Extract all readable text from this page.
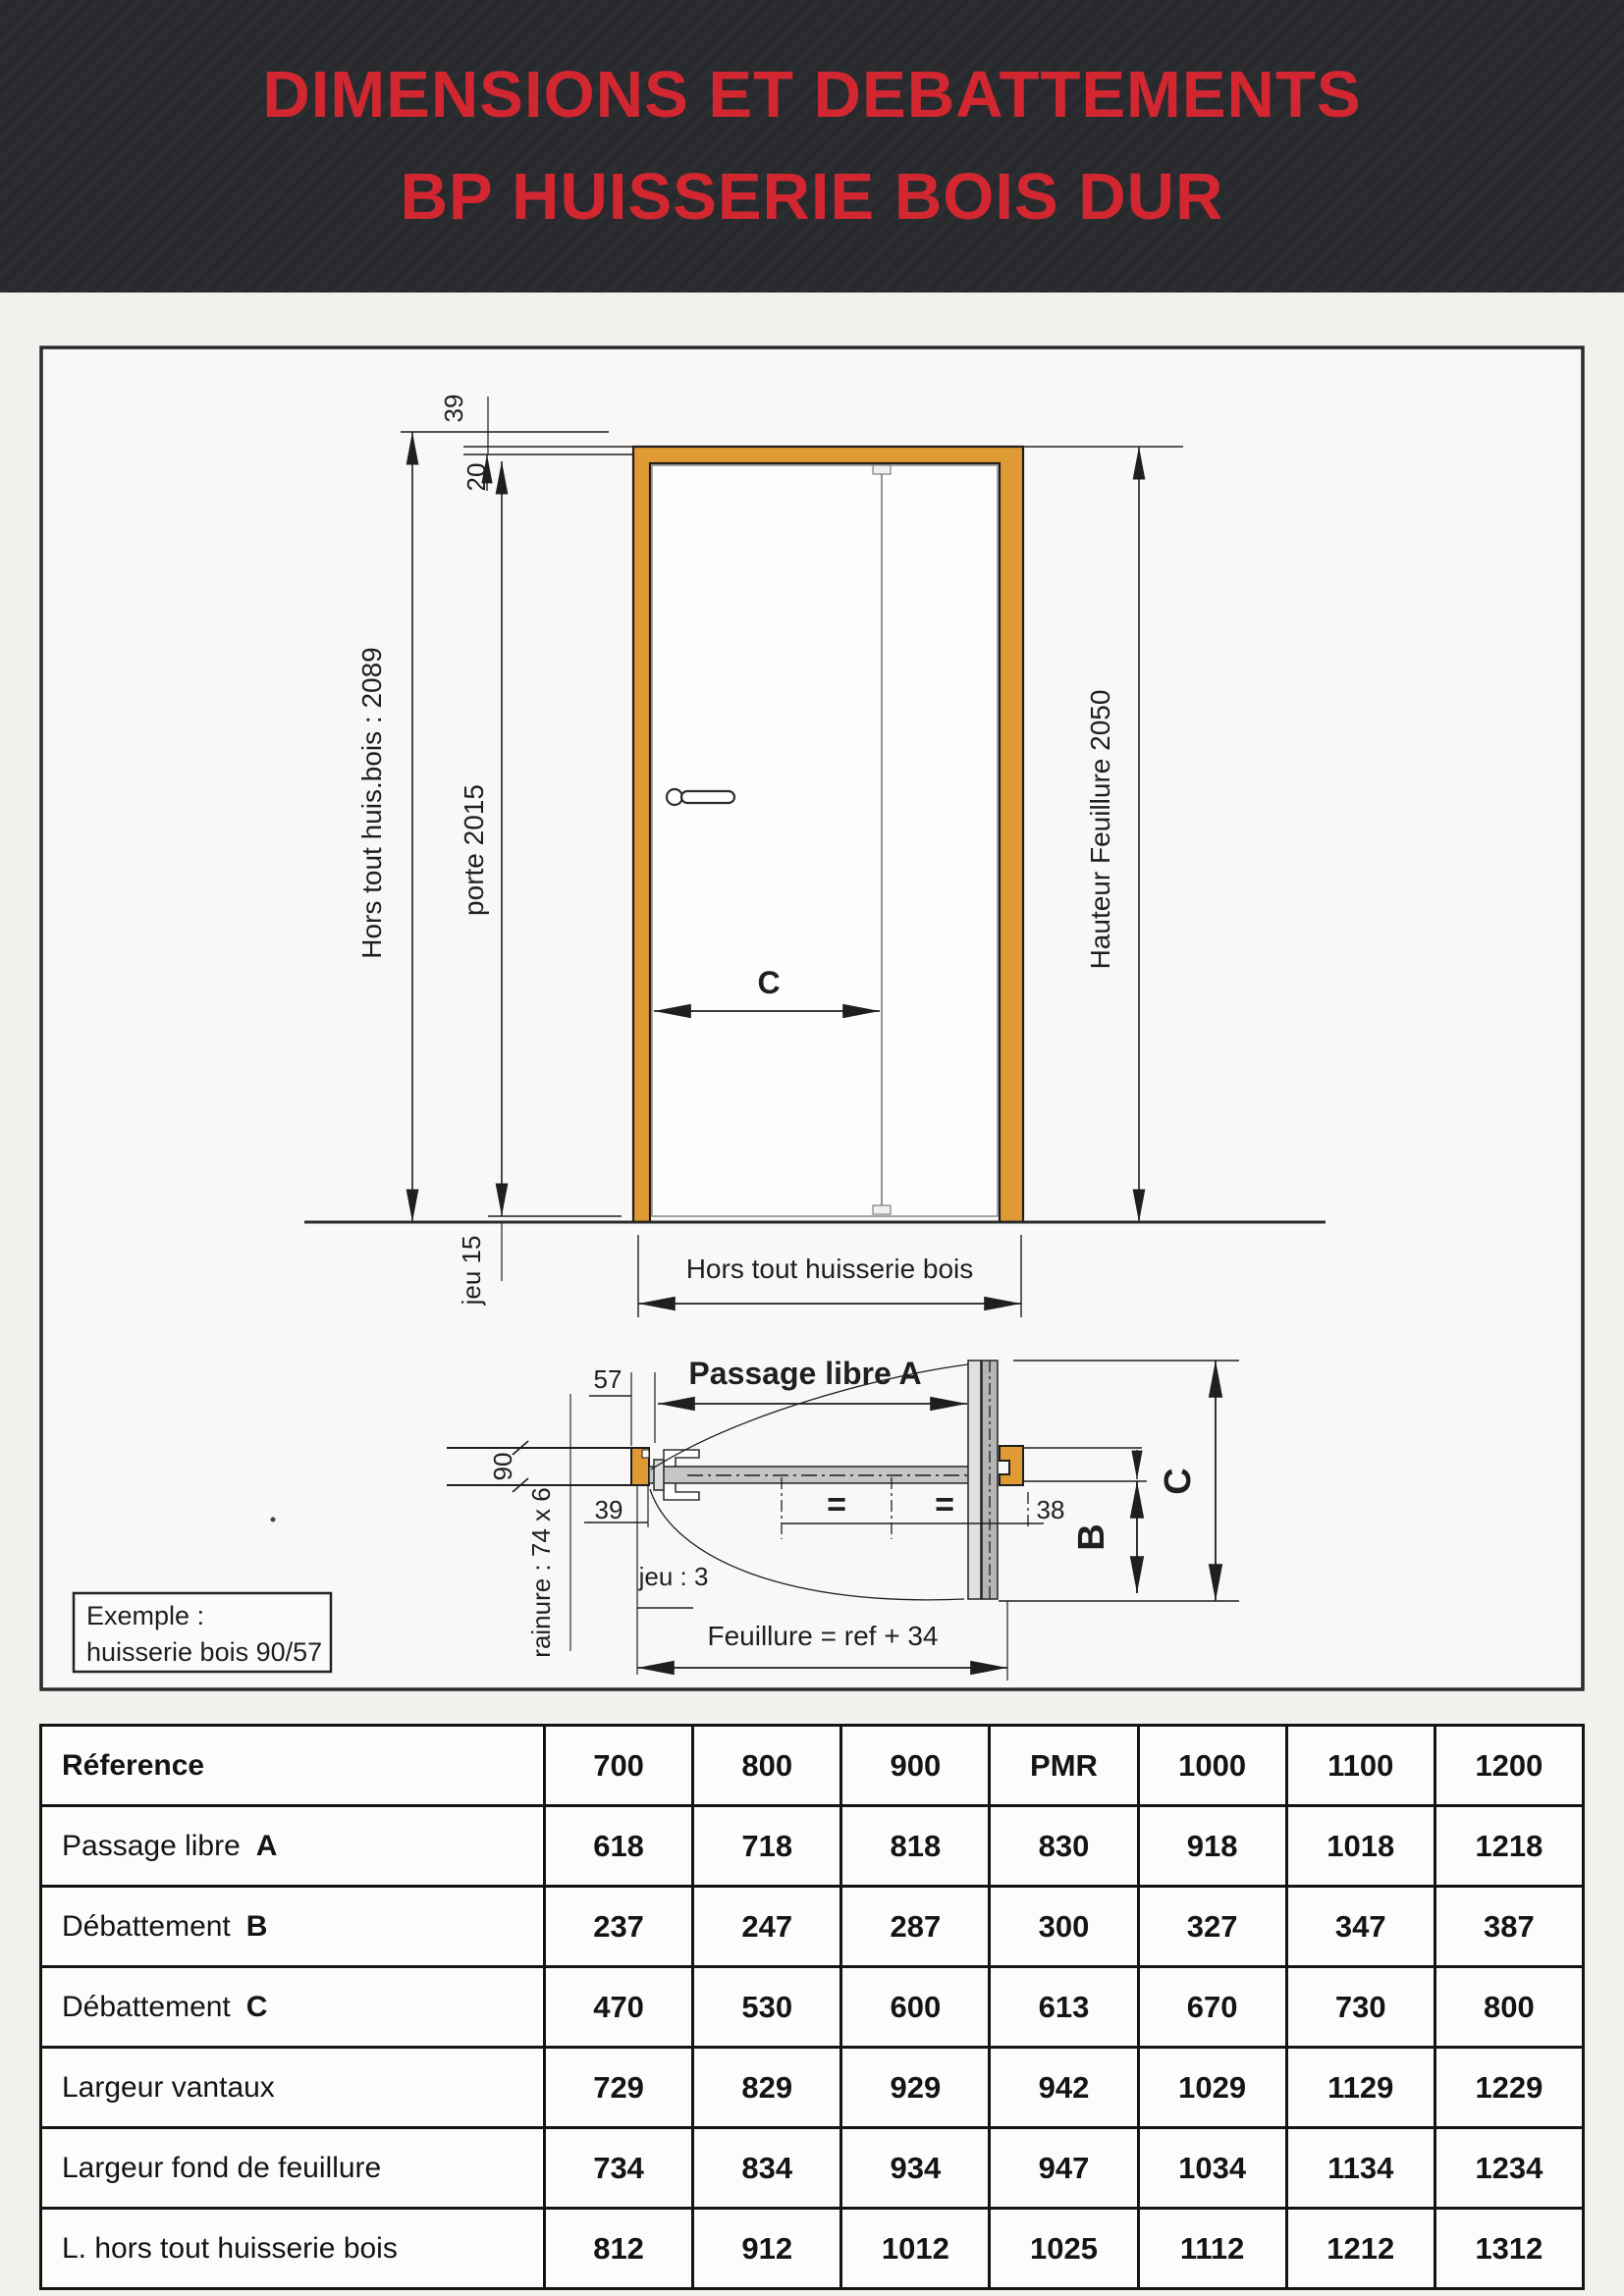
DIMENSIONS ET DEBATTEMENTS
BP HUISSERIE BOIS DUR
39
20
Hors tout huis.bois : 2089	porte 2015
C
Hauteur Feuillure 2050
jeu 15	Hors tout huisserie bois
90
rainure : 74 x 6
57 Passage libre A
39
jeu : 3
=	=	38
B
C
Feuillure = ref + 34
Exemple :
huisserie bois 90/57
Réference	700	800	900	PMR	1000	1100	1200
Passage libre A	618	718	818	830	918	1018	1218
Débattement B	237	247	287	300	327	347	387
Débattement C	470	530	600	613	670	730	800
Largeur vantaux	729	829	929	942	1029	1129	1229
Largeur fond de feuillure	734	834	934	947	1034	1134	1234
L. hors tout huisserie bois	812	912	1012	1025	1112	1212	1312
